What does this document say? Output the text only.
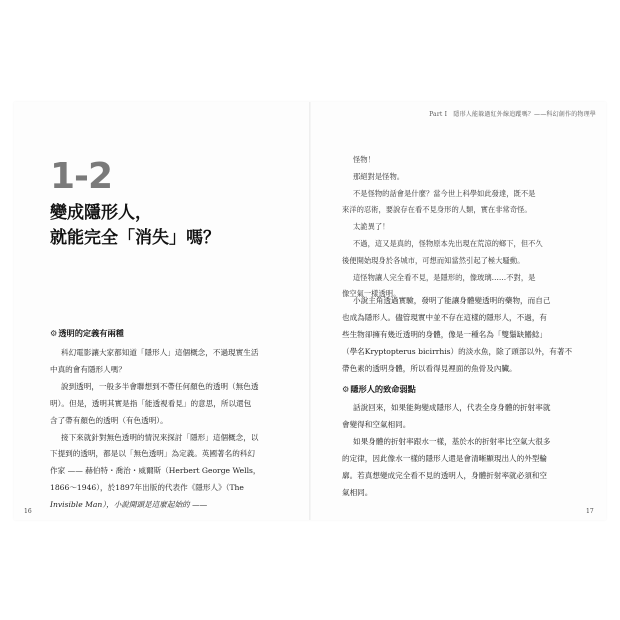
Part I　隱形人能躲過紅外線追蹤嗎？——科幻創作的物理學
1-2
變成隱形人，
就能完全「消失」嗎？
⚙透明的定義有兩種
科幻電影讓大家都知道「隱形人」這個概念，不過現實生活
中真的會有隱形人嗎？
說到透明，一般多半會聯想到不帶任何顏色的透明（無色透
明）。但是，透明其實是指「能透視看見」的意思，所以還包
含了帶有顏色的透明（有色透明）。
接下來就針對無色透明的情況來探討「隱形」這個概念，以
下提到的透明，都是以「無色透明」為定義。英國著名的科幻
作家 —— 赫伯特・喬治・威爾斯（Herbert George Wells，
1866～1946），於1897年出版的代表作《隱形人》（The
Invisible Man），小說開頭是這麼起始的 ——
16
怪物！
那絕對是怪物。
不是怪物的話會是什麼？當今世上科學如此發達，既不是
來洋的忍術，要說存在看不見身形的人類，實在非常奇怪。
太詭異了！
不過，這又是真的，怪物原本先出現在荒涼的鄉下，但不久
後便開始現身於各城市，可想而知當然引起了極大騷動。
這怪物讓人完全看不見，是隱形的，像玻璃……不對，是
像空氣一樣透明。
小說主角透過實驗，發明了能讓身體變透明的藥物，而自己
也成為隱形人。儘管現實中並不存在這樣的隱形人，不過，有
些生物卻擁有幾近透明的身體，像是一種名為「雙鬚缺鰭鯰」
（學名Kryptopterus bicirrhis）的淡水魚，除了頭部以外，有著不
帶色素的透明身體，所以看得見裡面的魚骨及內臟。
⚙隱形人的致命弱點
話說回來，如果能夠變成隱形人，代表全身身體的折射率就
會變得和空氣相同。
如果身體的折射率跟水一樣，基於水的折射率比空氣大很多
的定律，因此像水一樣的隱形人還是會清晰顯現出人的外型輪
廓。若真想變成完全看不見的透明人，身體折射率就必須和空
氣相同。
17
